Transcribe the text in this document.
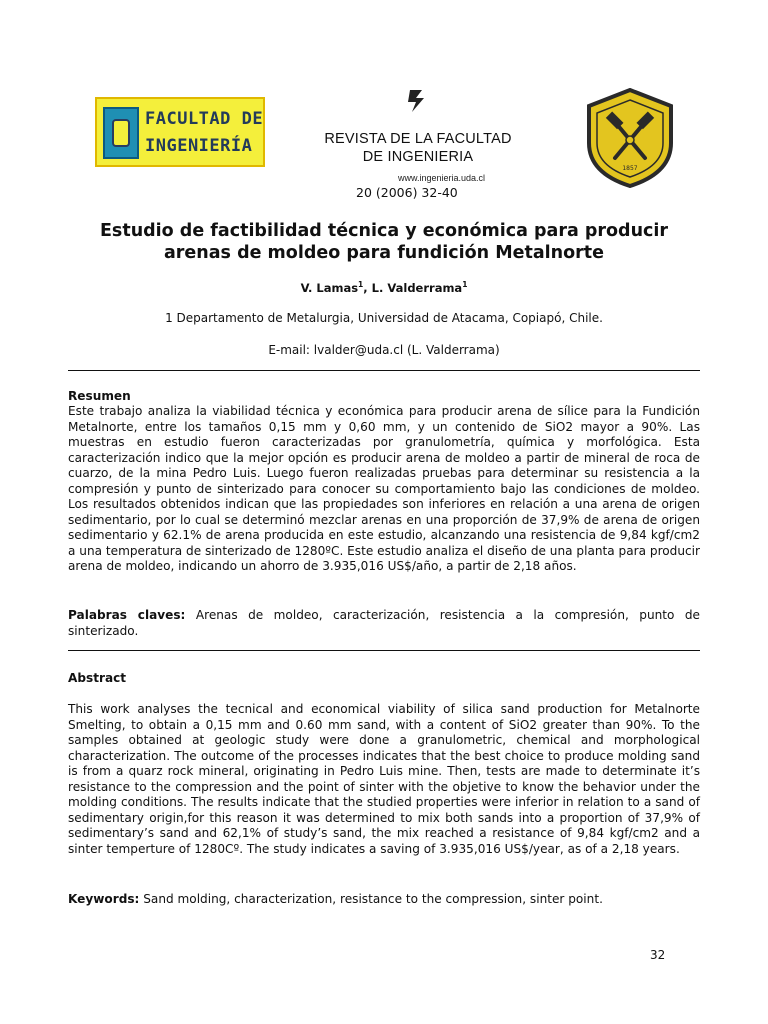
FACULTAD DE
INGENIERÍA	REVISTA DE LA FACULTAD
DE INGENIERIA
www.ingenieria.uda.cl
20 (2006) 32-40
1857
Estudio de factibilidad técnica y económica para producir arenas de moldeo para fundición Metalnorte
V. Lamas$^1$, L. Valderrama$^1$
1 Departamento de Metalurgia, Universidad de Atacama, Copiapó, Chile.
E-mail: lvalder@uda.cl (L. Valderrama)
Resumen
Este trabajo analiza la viabilidad técnica y económica para producir arena de sílice para la Fundición Metalnorte, entre los tamaños 0,15 mm y 0,60 mm, y un contenido de SiO2 mayor a 90%. Las muestras en estudio fueron caracterizadas por granulometría, química y morfológica. Esta caracterización indico que la mejor opción es producir arena de moldeo a partir de mineral de roca de cuarzo, de la mina Pedro Luis. Luego fueron realizadas pruebas para determinar su resistencia a la compresión y punto de sinterizado para conocer su comportamiento bajo las condiciones de moldeo. Los resultados obtenidos indican que las propiedades son inferiores en relación a una arena de origen sedimentario, por lo cual se determinó mezclar arenas en una proporción de 37,9% de arena de origen sedimentario y 62.1% de arena producida en este estudio, alcanzando una resistencia de 9,84 kgf/cm2 a una temperatura de sinterizado de 1280ºC. Este estudio analiza el diseño de una planta para producir arena de moldeo, indicando un ahorro de 3.935,016 US$/año, a partir de 2,18 años.
Palabras claves: Arenas de moldeo, caracterización, resistencia a la compresión, punto de sinterizado.
Abstract
This work analyses the tecnical and economical viability of silica sand production for Metalnorte Smelting, to obtain a 0,15 mm and 0.60 mm sand, with a content of SiO2 greater than 90%. To the samples obtained at geologic study were done a granulometric, chemical and morphological characterization. The outcome of the processes indicates that the best choice to produce molding sand is from a quarz rock mineral, originating in Pedro Luis mine. Then, tests are made to determinate it’s resistance to the compression and the point of sinter with the objetive to know the behavior under the molding conditions. The results indicate that the studied properties were inferior in relation to a sand of sedimentary origin,for this reason it was determined to mix both sands into a proportion of 37,9% of sedimentary’s sand and 62,1% of study’s sand, the mix reached a resistance of 9,84 kgf/cm2 and a sinter temperture of 1280Cº. The study indicates a saving of 3.935,016 US$/year, as of a 2,18 years.
Keywords: Sand molding, characterization, resistance to the compression, sinter point.
32
